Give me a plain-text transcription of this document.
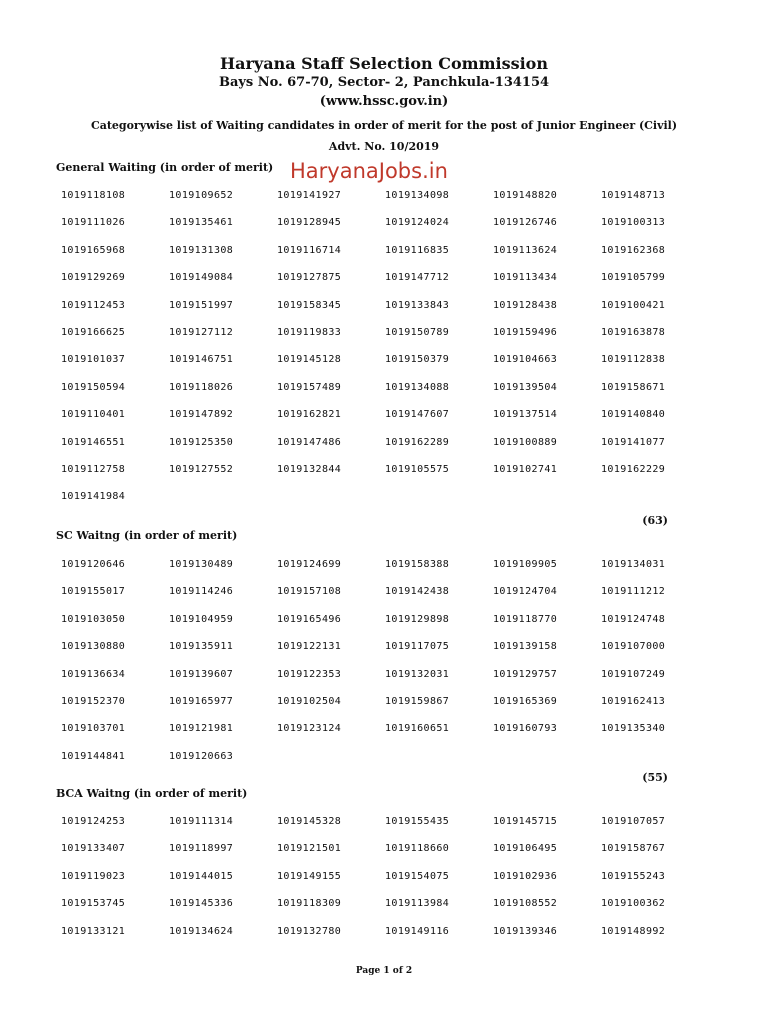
Haryana Staff Selection Commission
Bays No. 67-70, Sector- 2, Panchkula-134154
(www.hssc.gov.in)
Categorywise list of Waiting candidates in order of merit for the post of Junior Engineer (Civil)
Advt. No. 10/2019
HaryanaJobs.in
General Waiting (in order of merit)
1019118108	1019109652	1019141927	1019134098	1019148820	1019148713
1019111026	1019135461	1019128945	1019124024	1019126746	1019100313
1019165968	1019131308	1019116714	1019116835	1019113624	1019162368
1019129269	1019149084	1019127875	1019147712	1019113434	1019105799
1019112453	1019151997	1019158345	1019133843	1019128438	1019100421
1019166625	1019127112	1019119833	1019150789	1019159496	1019163878
1019101037	1019146751	1019145128	1019150379	1019104663	1019112838
1019150594	1019118026	1019157489	1019134088	1019139504	1019158671
1019110401	1019147892	1019162821	1019147607	1019137514	1019140840
1019146551	1019125350	1019147486	1019162289	1019100889	1019141077
1019112758	1019127552	1019132844	1019105575	1019102741	1019162229
1019141984
(63)
SC Waitng (in order of merit)
1019120646	1019130489	1019124699	1019158388	1019109905	1019134031
1019155017	1019114246	1019157108	1019142438	1019124704	1019111212
1019103050	1019104959	1019165496	1019129898	1019118770	1019124748
1019130880	1019135911	1019122131	1019117075	1019139158	1019107000
1019136634	1019139607	1019122353	1019132031	1019129757	1019107249
1019152370	1019165977	1019102504	1019159867	1019165369	1019162413
1019103701	1019121981	1019123124	1019160651	1019160793	1019135340
1019144841	1019120663
(55)
BCA Waitng (in order of merit)
1019124253	1019111314	1019145328	1019155435	1019145715	1019107057
1019133407	1019118997	1019121501	1019118660	1019106495	1019158767
1019119023	1019144015	1019149155	1019154075	1019102936	1019155243
1019153745	1019145336	1019118309	1019113984	1019108552	1019100362
1019133121	1019134624	1019132780	1019149116	1019139346	1019148992
Page 1 of 2
